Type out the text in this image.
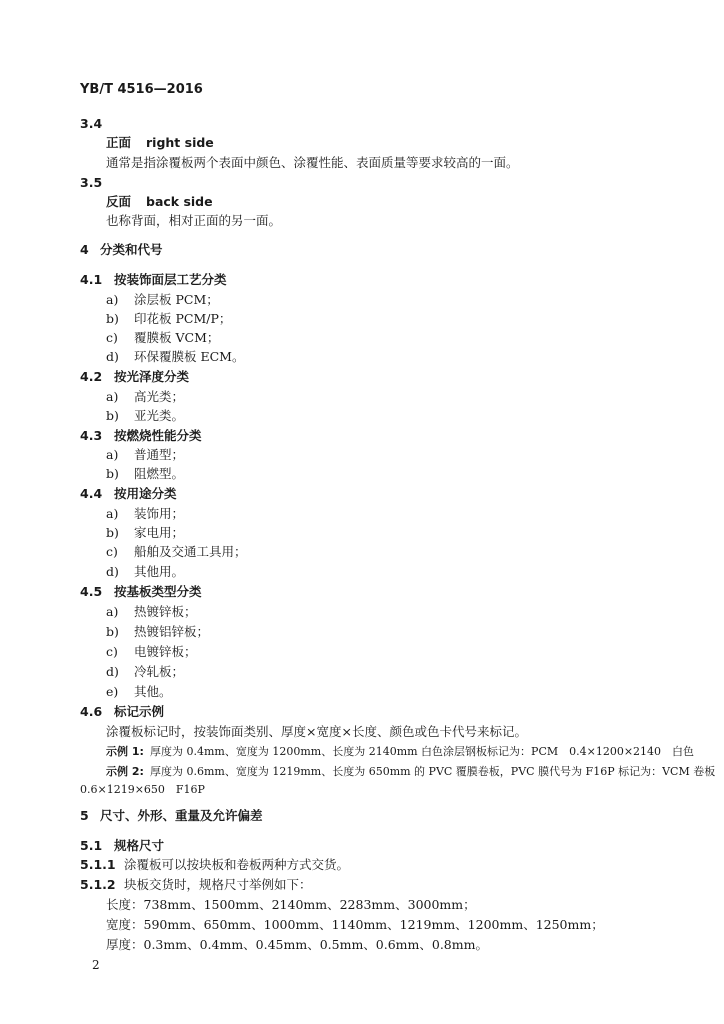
YB/T 4516—2016
3.4
正面 right side
通常是指涂覆板两个表面中颜色、涂覆性能、表面质量等要求较高的一面。
3.5
反面 back side
也称背面，相对正面的另一面。
4 分类和代号
4.1 按装饰面层工艺分类
a) 涂层板 PCM；
b) 印花板 PCM/P；
c) 覆膜板 VCM；
d) 环保覆膜板 ECM。
4.2 按光泽度分类
a) 高光类；
b) 亚光类。
4.3 按燃烧性能分类
a) 普通型；
b) 阻燃型。
4.4 按用途分类
a) 装饰用；
b) 家电用；
c) 船舶及交通工具用；
d) 其他用。
4.5 按基板类型分类
a) 热镀锌板；
b) 热镀铝锌板；
c) 电镀锌板；
d) 冷轧板；
e) 其他。
4.6 标记示例
涂覆板标记时，按装饰面类别、厚度×宽度×长度、颜色或色卡代号来标记。
示例 1: 厚度为 0.4mm、宽度为 1200mm、长度为 2140mm 白色涂层钢板标记为：PCM　0.4×1200×2140　白色
示例 2: 厚度为 0.6mm、宽度为 1219mm、长度为 650mm 的 PVC 覆膜卷板，PVC 膜代号为 F16P 标记为：VCM 卷板
0.6×1219×650　F16P
5 尺寸、外形、重量及允许偏差
5.1 规格尺寸
5.1.1 涂覆板可以按块板和卷板两种方式交货。
5.1.2 块板交货时，规格尺寸举例如下：
长度：738mm、1500mm、2140mm、2283mm、3000mm；
宽度：590mm、650mm、1000mm、1140mm、1219mm、1200mm、1250mm；
厚度：0.3mm、0.4mm、0.45mm、0.5mm、0.6mm、0.8mm。
2
